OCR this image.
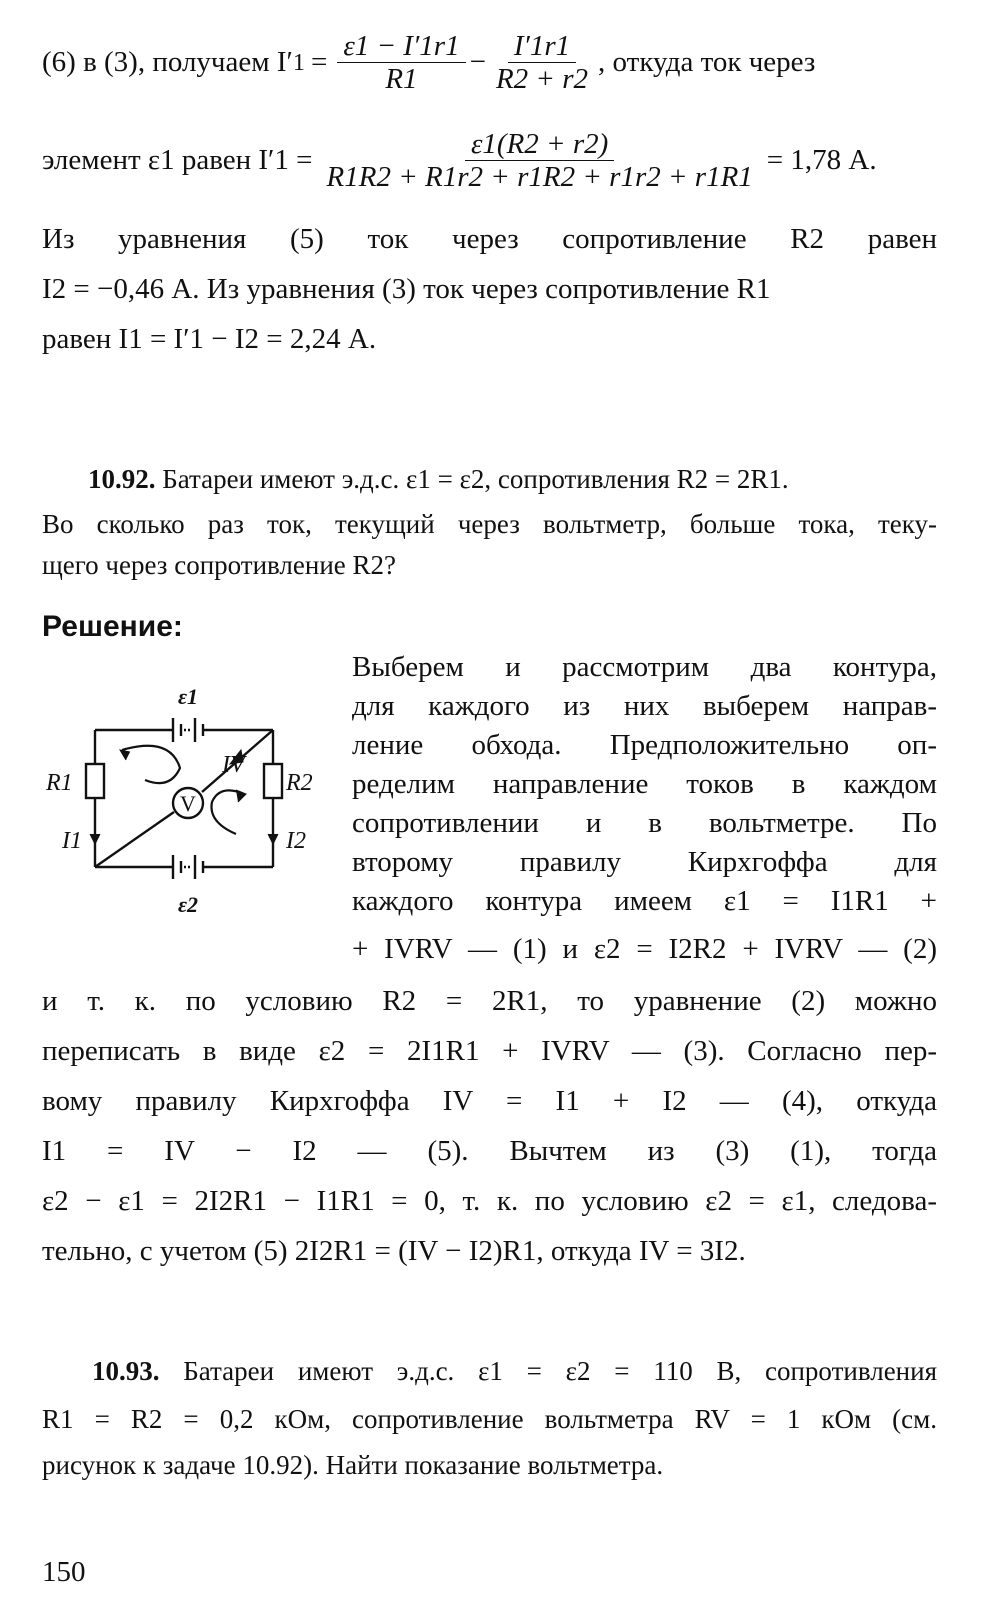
(6) в (3), получаем I′ $1 = \frac{\varepsilon 1 - I'1r1}{R1} - \frac{I'1r1}{R2 + r2}$ , откуда ток через
элемент ε1 равен $I'1 = \frac{\varepsilon 1(R2 + r2)}{R1R2 + R1r2 + r1R2 + r1r2 + r1R1} = 1,78$ А.
Из уравнения (5) ток через сопротивление R2 равен
I2 = −0,46 А. Из уравнения (3) ток через сопротивление R1
равен I1 = I′1 − I2 = 2,24 А.
10.92. Батареи имеют э.д.с. ε1 = ε2, сопротивления R2 = 2R1.
Во сколько раз ток, текущий через вольтметр, больше тока, теку-
щего через сопротивление R2?
Решение:
V
ε1
ε2
R1	R2
I1	I2
IV
Выберем и рассмотрим два контура,
для каждого из них выберем направ-
ление обхода. Предположительно оп-
ределим направление токов в каждом
сопротивлении и в вольтметре. По
второму правилу Кирхгоффа для
каждого контура имеем ε1 = I1R1 +
+ IVRV — (1) и ε2 = I2R2 + IVRV — (2)
и т. к. по условию R2 = 2R1, то уравнение (2) можно
переписать в виде ε2 = 2I1R1 + IVRV — (3). Согласно пер-
вому правилу Кирхгоффа IV = I1 + I2 — (4), откуда
I1 = IV − I2 — (5). Вычтем из (3) (1), тогда
ε2 − ε1 = 2I2R1 − I1R1 = 0, т. к. по условию ε2 = ε1, следова-
тельно, с учетом (5) 2I2R1 = (IV − I2)R1, откуда IV = 3I2.
10.93. Батареи имеют э.д.с. ε1 = ε2 = 110 В, сопротивления
R1 = R2 = 0,2 кОм, сопротивление вольтметра RV = 1 кОм (см.
рисунок к задаче 10.92). Найти показание вольтметра.
150
